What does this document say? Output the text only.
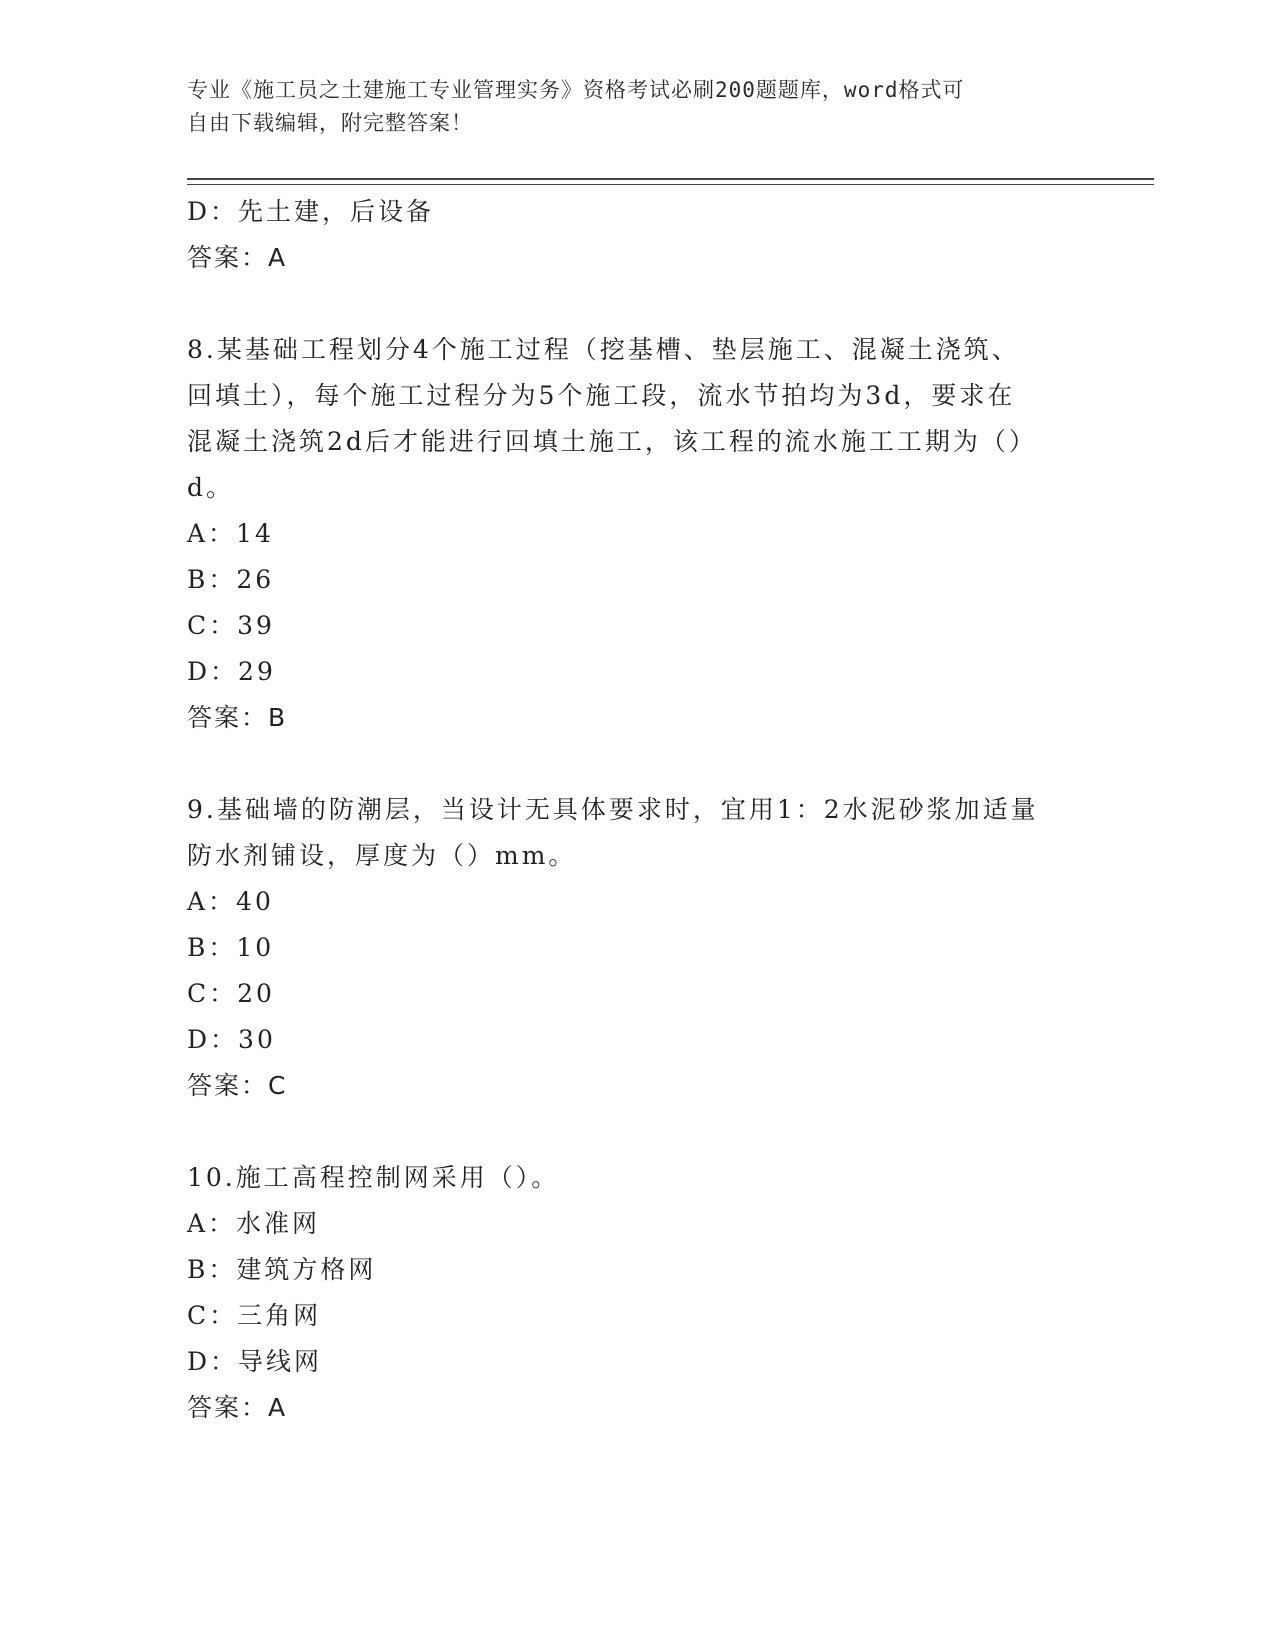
专业《施工员之土建施工专业管理实务》资格考试必刷200题题库，word格式可
自由下载编辑，附完整答案！
D：先土建，后设备
答案：A
8.某基础工程划分4个施工过程（挖基槽、垫层施工、混凝土浇筑、
回填土），每个施工过程分为5个施工段，流水节拍均为3d，要求在
混凝土浇筑2d后才能进行回填土施工，该工程的流水施工工期为（）
d。
A：14
B：26
C：39
D：29
答案：B
9.基础墙的防潮层，当设计无具体要求时，宜用1：2水泥砂浆加适量
防水剂铺设，厚度为（）mm。
A：40
B：10
C：20
D：30
答案：C
10.施工高程控制网采用（）。
A：水准网
B：建筑方格网
C：三角网
D：导线网
答案：A
